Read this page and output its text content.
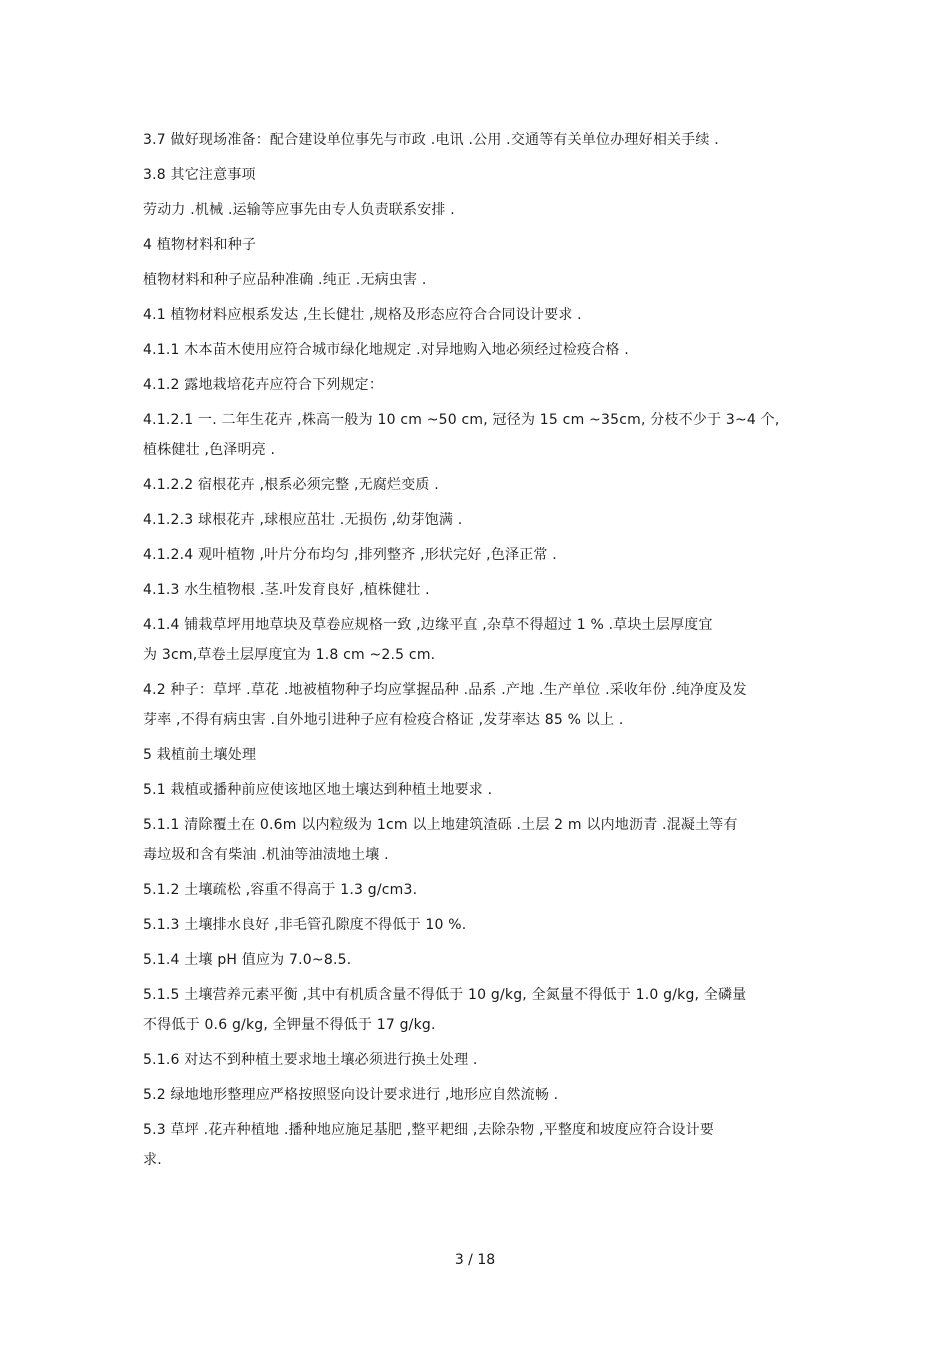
3.7 做好现场准备：配合建设单位事先与市政 .电讯 .公用 .交通等有关单位办理好相关手续 .
3.8 其它注意事项
劳动力 .机械 .运输等应事先由专人负责联系安排 .
4 植物材料和种子
植物材料和种子应品种准确 .纯正 .无病虫害 .
4.1 植物材料应根系发达 ,生长健壮 ,规格及形态应符合合同设计要求 .
4.1.1 木本苗木使用应符合城市绿化地规定 .对异地购入地必须经过检疫合格 .
4.1.2 露地栽培花卉应符合下列规定：
4.1.2.1 一. 二年生花卉 ,株高一般为 10 cm ~50 cm, 冠径为 15 cm ~35cm, 分枝不少于 3~4 个,
植株健壮 ,色泽明亮 .
4.1.2.2 宿根花卉 ,根系必须完整 ,无腐烂变质 .
4.1.2.3 球根花卉 ,球根应茁壮 .无损伤 ,幼芽饱满 .
4.1.2.4 观叶植物 ,叶片分布均匀 ,排列整齐 ,形状完好 ,色泽正常 .
4.1.3 水生植物根 .茎.叶发育良好 ,植株健壮 .
4.1.4 铺栽草坪用地草块及草卷应规格一致 ,边缘平直 ,杂草不得超过 1 % .草块土层厚度宜
为 3cm,草卷土层厚度宜为 1.8 cm ~2.5 cm.
4.2 种子：草坪 .草花 .地被植物种子均应掌握品种 .品系 .产地 .生产单位 .采收年份 .纯净度及发
芽率 ,不得有病虫害 .自外地引进种子应有检疫合格证 ,发芽率达 85 % 以上 .
5 栽植前土壤处理
5.1 栽植或播种前应使该地区地土壤达到种植土地要求 .
5.1.1 清除覆土在 0.6m 以内粒级为 1cm 以上地建筑渣砾 .土层 2 m 以内地沥青 .混凝土等有
毒垃圾和含有柴油 .机油等油渍地土壤 .
5.1.2 土壤疏松 ,容重不得高于 1.3 g/cm3.
5.1.3 土壤排水良好 ,非毛管孔隙度不得低于 10 %.
5.1.4 土壤 pH 值应为 7.0~8.5.
5.1.5 土壤营养元素平衡 ,其中有机质含量不得低于 10 g/kg, 全氮量不得低于 1.0 g/kg, 全磷量
不得低于 0.6 g/kg, 全钾量不得低于 17 g/kg.
5.1.6 对达不到种植土要求地土壤必须进行换土处理 .
5.2 绿地地形整理应严格按照竖向设计要求进行 ,地形应自然流畅 .
5.3 草坪 .花卉种植地 .播种地应施足基肥 ,整平耙细 ,去除杂物 ,平整度和坡度应符合设计要
求.
3 / 18
